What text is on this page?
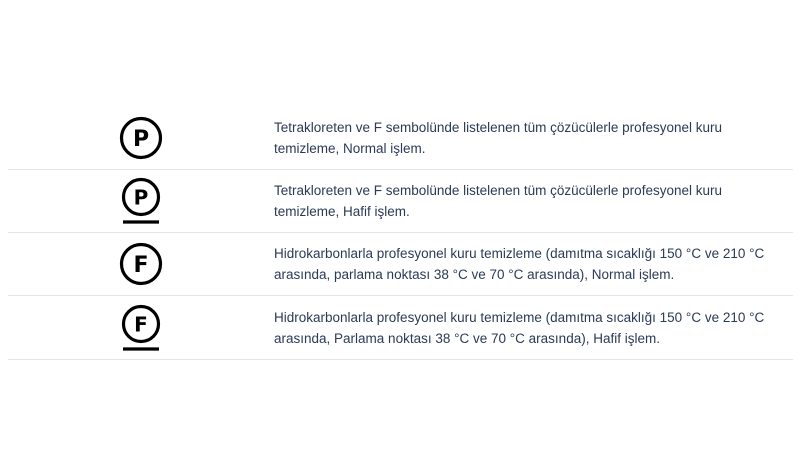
P	Tetrakloreten ve F sembolünde listelenen tüm çözücülerle profesyonel kuru temizleme, Normal işlem.
P	Tetrakloreten ve F sembolünde listelenen tüm çözücülerle profesyonel kuru temizleme, Hafif işlem.
F	Hidrokarbonlarla profesyonel kuru temizleme (damıtma sıcaklığı 150 °C ve 210 °C arasında, parlama noktası 38 °C ve 70 °C arasında), Normal işlem.
F	Hidrokarbonlarla profesyonel kuru temizleme (damıtma sıcaklığı 150 °C ve 210 °C arasında, Parlama noktası 38 °C ve 70 °C arasında), Hafif işlem.
